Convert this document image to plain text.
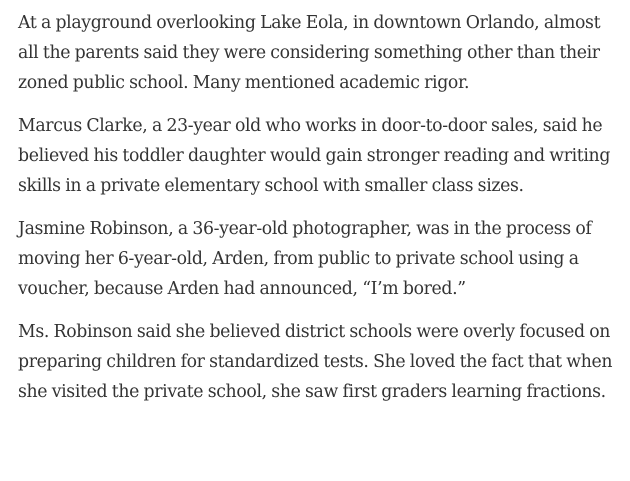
At a playground overlooking Lake Eola, in downtown Orlando, almost all the parents said they were considering something other than their zoned public school. Many mentioned academic rigor.

Marcus Clarke, a 23-year old who works in door-to-door sales, said he believed his toddler daughter would gain stronger reading and writing skills in a private elementary school with smaller class sizes.

Jasmine Robinson, a 36-year-old photographer, was in the process of moving her 6-year-old, Arden, from public to private school using a voucher, because Arden had announced, “I’m bored.”

Ms. Robinson said she believed district schools were overly focused on preparing children for standardized tests. She loved the fact that when she visited the private school, she saw first graders learning fractions.
